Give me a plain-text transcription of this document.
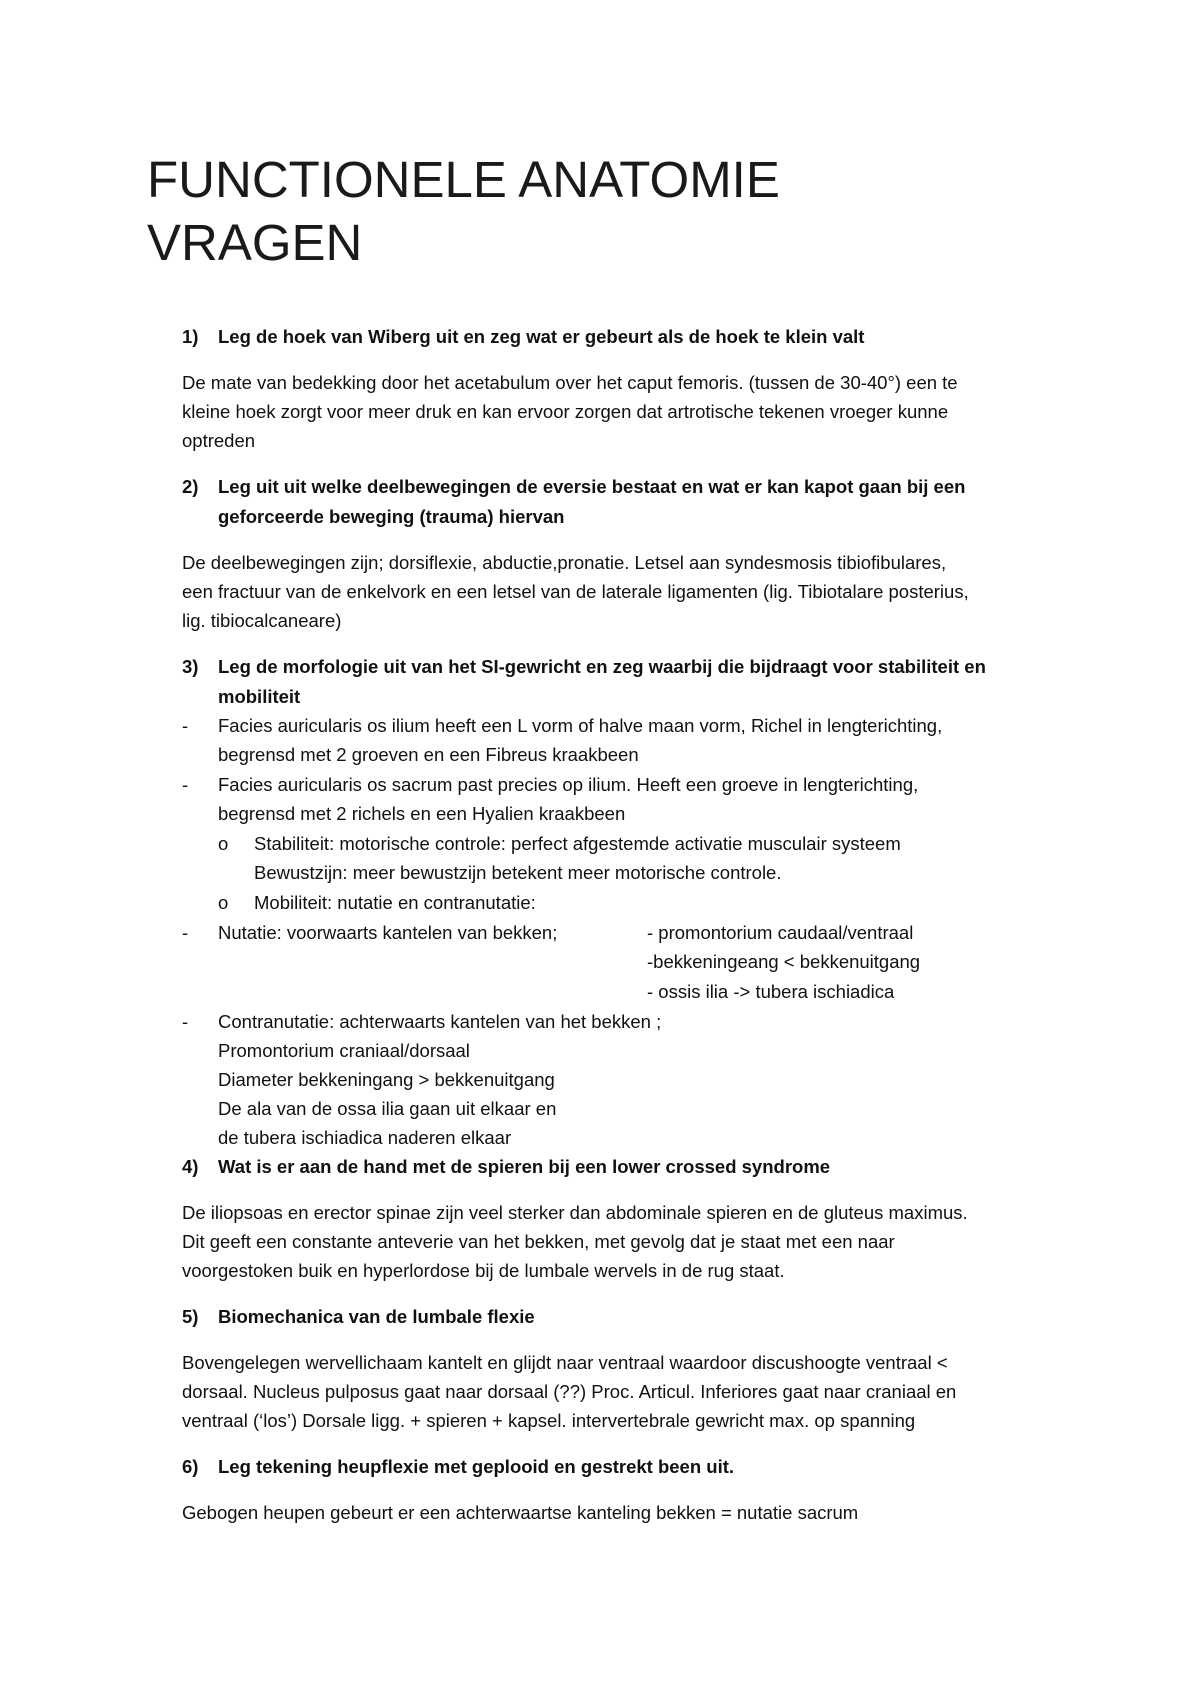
FUNCTIONELE ANATOMIE
VRAGEN
1) Leg de hoek van Wiberg uit en zeg wat er gebeurt als de hoek te klein valt
De mate van bedekking door het acetabulum over het caput femoris. (tussen de 30-40°) een te
kleine hoek zorgt voor meer druk en kan ervoor zorgen dat artrotische tekenen vroeger kunne
optreden
2) Leg uit uit welke deelbewegingen de eversie bestaat en wat er kan kapot gaan bij een
geforceerde beweging (trauma) hiervan
De deelbewegingen zijn; dorsiflexie, abductie,pronatie. Letsel aan syndesmosis tibiofibulares,
een fractuur van de enkelvork en een letsel van de laterale ligamenten (lig. Tibiotalare posterius,
lig. tibiocalcaneare)
3) Leg de morfologie uit van het SI-gewricht en zeg waarbij die bijdraagt voor stabiliteit en
mobiliteit
- Facies auricularis os ilium heeft een L vorm of halve maan vorm, Richel in lengterichting,
begrensd met 2 groeven en een Fibreus kraakbeen
- Facies auricularis os sacrum past precies op ilium. Heeft een groeve in lengterichting,
begrensd met 2 richels en een Hyalien kraakbeen
o Stabiliteit: motorische controle: perfect afgestemde activatie musculair systeem
Bewustzijn: meer bewustzijn betekent meer motorische controle.
o Mobiliteit: nutatie en contranutatie:
- Nutatie: voorwaarts kantelen van bekken;	- promontorium caudaal/ventraal
-bekkeningeang < bekkenuitgang
- ossis ilia -> tubera ischiadica
- Contranutatie: achterwaarts kantelen van het bekken ;
Promontorium craniaal/dorsaal
Diameter bekkeningang > bekkenuitgang
De ala van de ossa ilia gaan uit elkaar en
de tubera ischiadica naderen elkaar
4) Wat is er aan de hand met de spieren bij een lower crossed syndrome
De iliopsoas en erector spinae zijn veel sterker dan abdominale spieren en de gluteus maximus.
Dit geeft een constante anteverie van het bekken, met gevolg dat je staat met een naar
voorgestoken buik en hyperlordose bij de lumbale wervels in de rug staat.
5) Biomechanica van de lumbale flexie
Bovengelegen wervellichaam kantelt en glijdt naar ventraal waardoor discushoogte ventraal <
dorsaal. Nucleus pulposus gaat naar dorsaal (??) Proc. Articul. Inferiores gaat naar craniaal en
ventraal (‘los’) Dorsale ligg. + spieren + kapsel. intervertebrale gewricht max. op spanning
6) Leg tekening heupflexie met geplooid en gestrekt been uit.
Gebogen heupen gebeurt er een achterwaartse kanteling bekken = nutatie sacrum
